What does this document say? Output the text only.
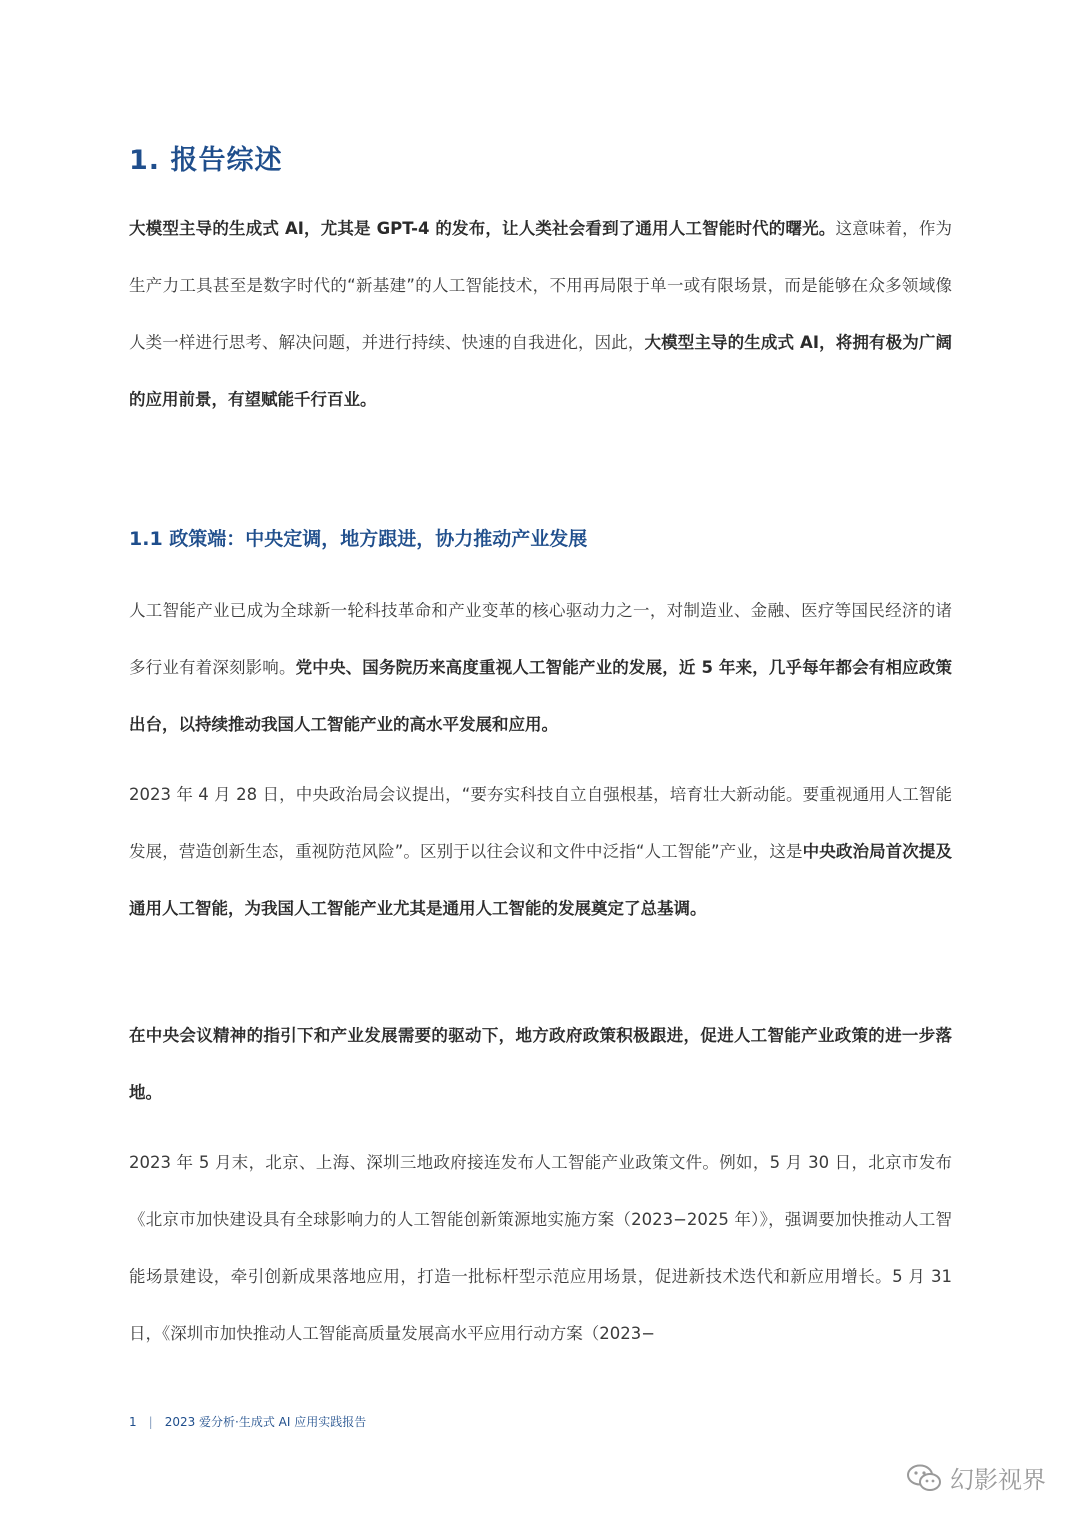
1. 报告综述

大模型主导的生成式 AI，尤其是 GPT-4 的发布，让人类社会看到了通用人工智能时代的曙光。这意味着，作为生产力工具甚至是数字时代的“新基建”的人工智能技术，不用再局限于单一或有限场景，而是能够在众多领域像人类一样进行思考、解决问题，并进行持续、快速的自我进化，因此，大模型主导的生成式 AI，将拥有极为广阔的应用前景，有望赋能千行百业。

1.1 政策端：中央定调，地方跟进，协力推动产业发展

人工智能产业已成为全球新一轮科技革命和产业变革的核心驱动力之一，对制造业、金融、医疗等国民经济的诸多行业有着深刻影响。党中央、国务院历来高度重视人工智能产业的发展，近 5 年来，几乎每年都会有相应政策出台，以持续推动我国人工智能产业的高水平发展和应用。

2023 年 4 月 28 日，中央政治局会议提出，“要夯实科技自立自强根基，培育壮大新动能。要重视通用人工智能发展，营造创新生态，重视防范风险”。区别于以往会议和文件中泛指“人工智能”产业，这是中央政治局首次提及通用人工智能，为我国人工智能产业尤其是通用人工智能的发展奠定了总基调。

在中央会议精神的指引下和产业发展需要的驱动下，地方政府政策积极跟进，促进人工智能产业政策的进一步落地。

2023 年 5 月末，北京、上海、深圳三地政府接连发布人工智能产业政策文件。例如，5 月 30 日，北京市发布《北京市加快建设具有全球影响力的人工智能创新策源地实施方案（2023−2025 年）》，强调要加快推动人工智能场景建设，牵引创新成果落地应用，打造一批标杆型示范应用场景，促进新技术迭代和新应用增长。5 月 31 日，《深圳市加快推动人工智能高质量发展高水平应用行动方案（2023−

1 | 2023 爱分析·生成式 AI 应用实践报告
幻影视界
